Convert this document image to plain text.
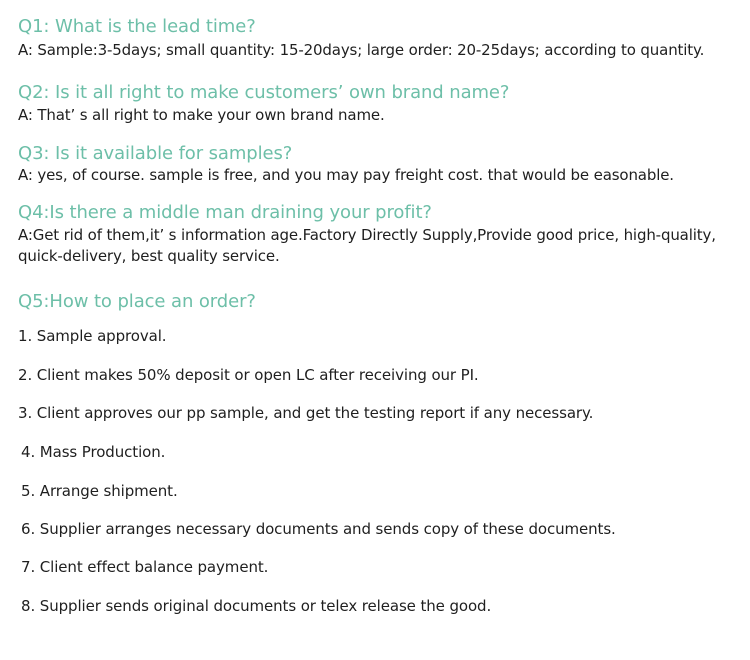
Q1: What is the lead time?

A: Sample:3-5days; small quantity: 15-20days; large order: 20-25days; according to quantity.

Q2: Is it all right to make customers’ own brand name?

A: That’ s all right to make your own brand name.

Q3: Is it available for samples?

A: yes, of course. sample is free, and you may pay freight cost. that would be easonable.

Q4:Is there a middle man draining your profit?

A:Get rid of them,it’ s information age.Factory Directly Supply,Provide good price, high-quality, quick-delivery, best quality service.

Q5:How to place an order?

1. Sample approval.

2. Client makes 50% deposit or open LC after receiving our PI.

3. Client approves our pp sample, and get the testing report if any necessary.

4. Mass Production.

5. Arrange shipment.

6. Supplier arranges necessary documents and sends copy of these documents.

7. Client effect balance payment.

8. Supplier sends original documents or telex release the good.
